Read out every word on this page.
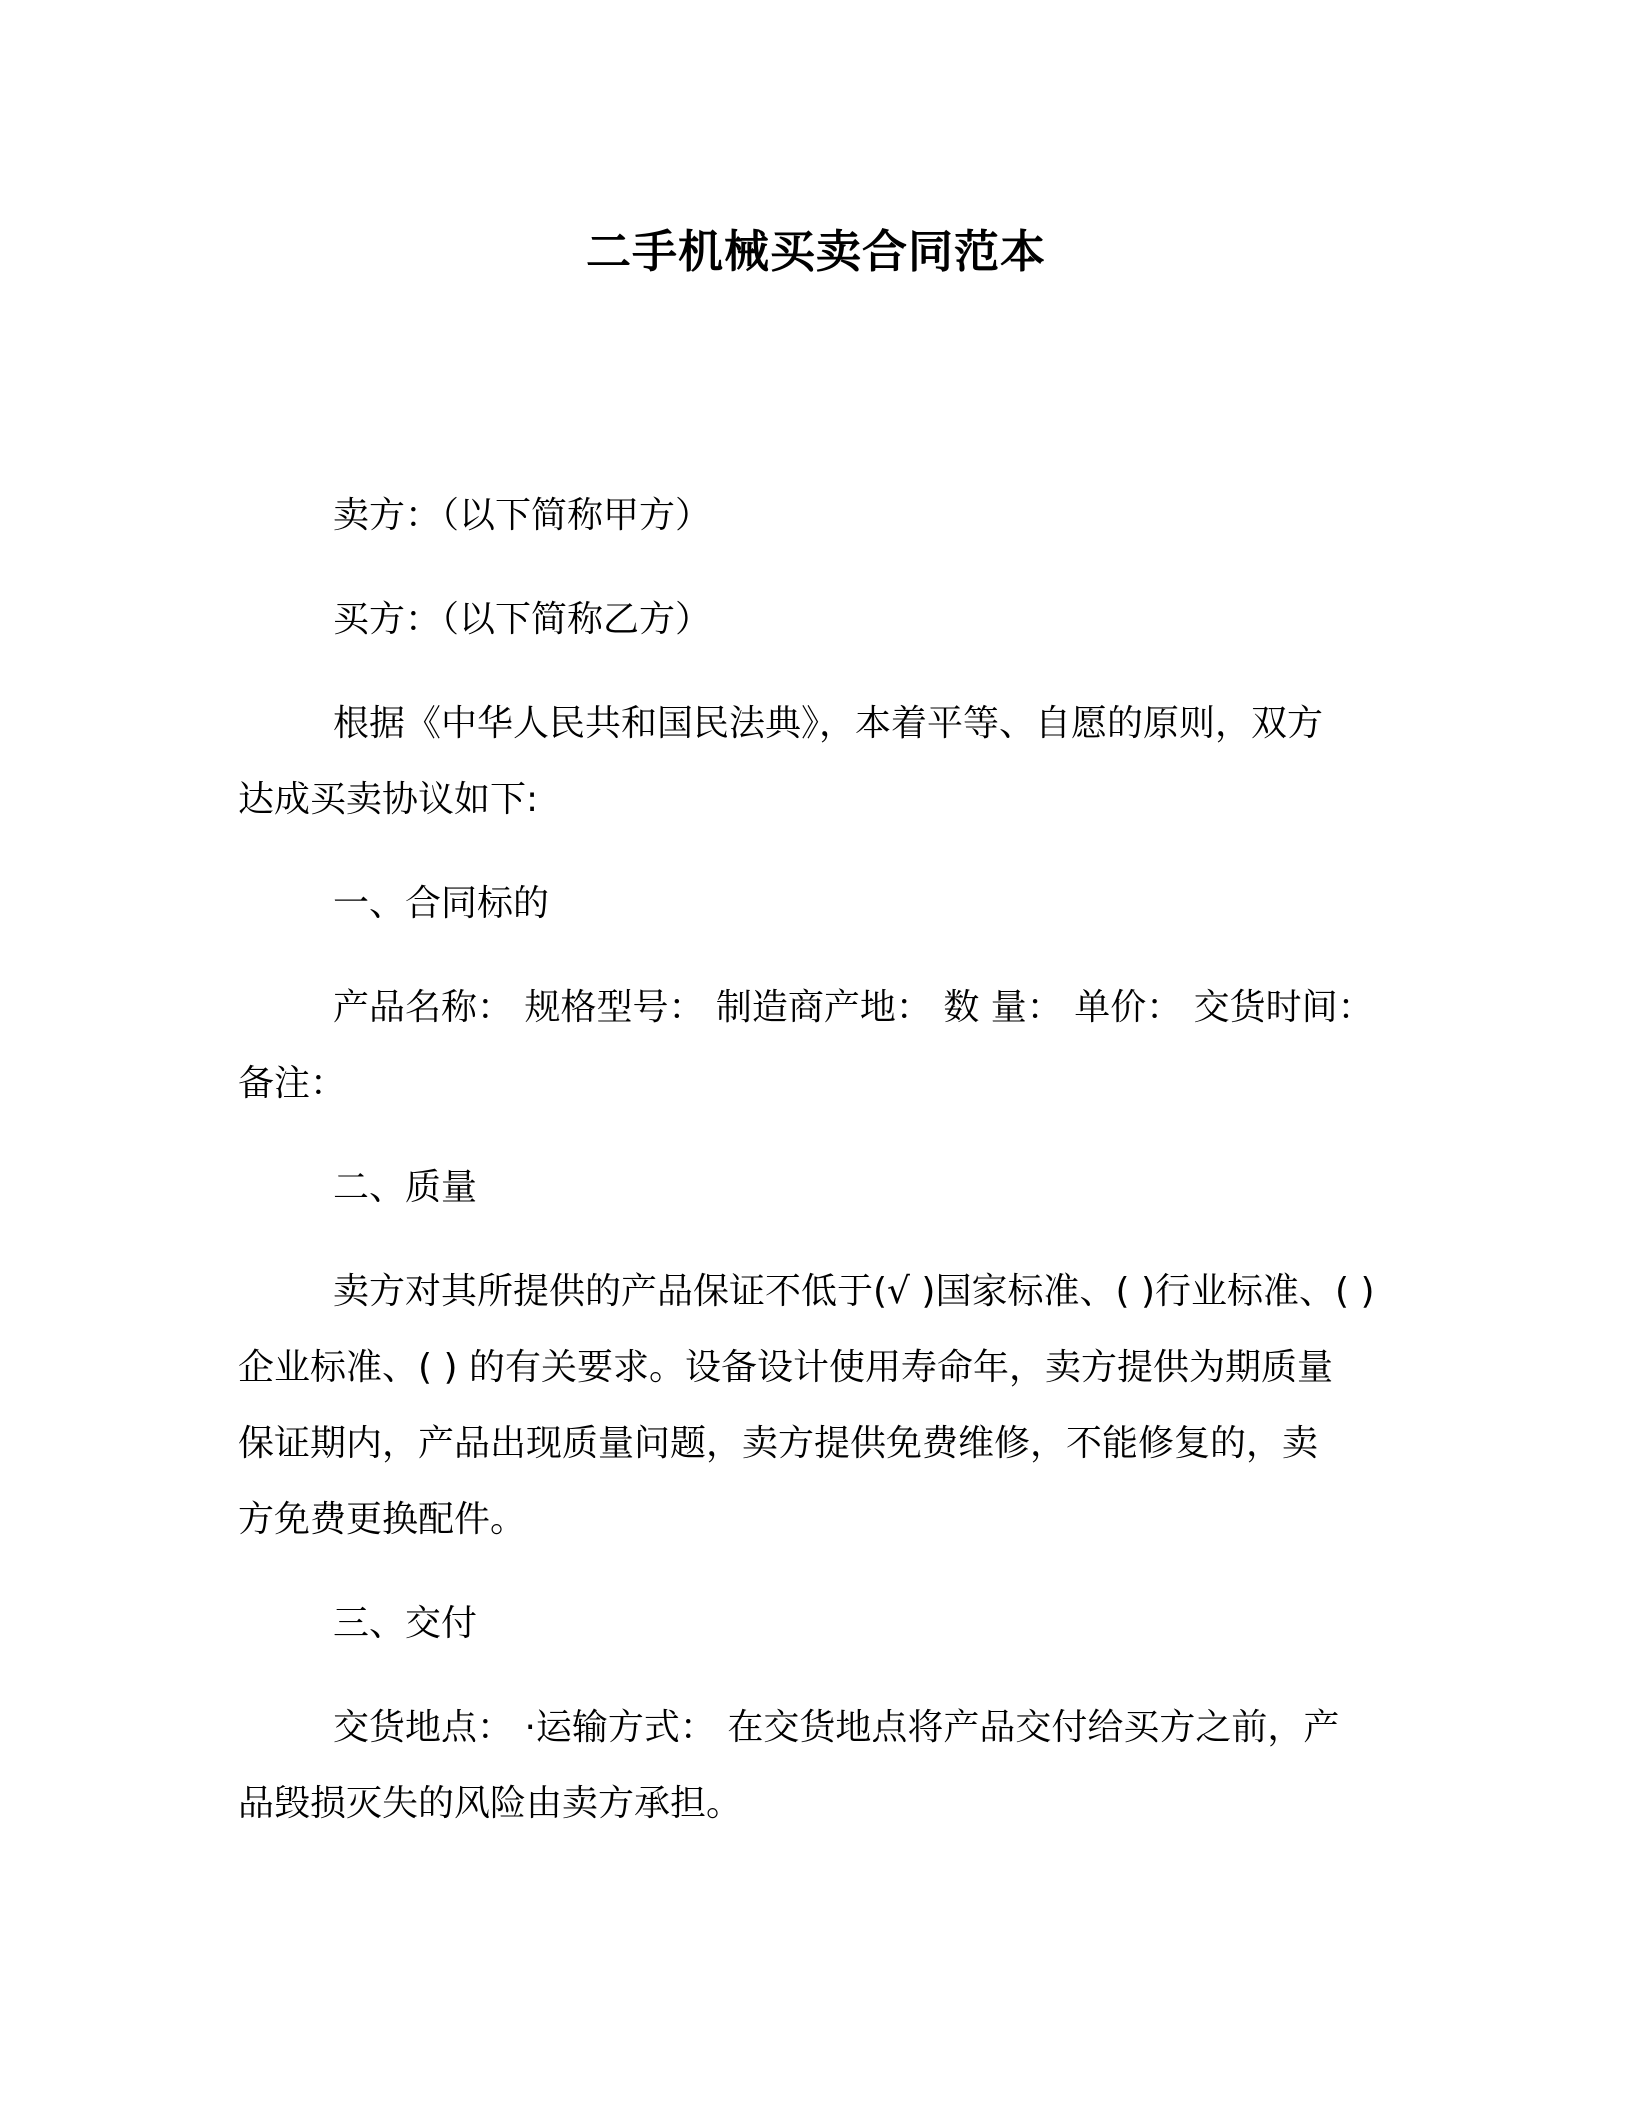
二手机械买卖合同范本
卖方：（以下简称甲方）
买方：（以下简称乙方）
根据《中华人民共和国民法典》，本着平等、自愿的原则，双方
达成买卖协议如下:
一、合同标的
产品名称： 规格型号： 制造商产地： 数 量： 单价： 交货时间：
备注：
二、质量
卖方对其所提供的产品保证不低于(√ )国家标准、( )行业标准、( )
企业标准、( ) 的有关要求。设备设计使用寿命年，卖方提供为期质量
保证期内，产品出现质量问题，卖方提供免费维修，不能修复的，卖
方免费更换配件。
三、交付
交货地点： ·运输方式： 在交货地点将产品交付给买方之前，产
品毁损灭失的风险由卖方承担。
